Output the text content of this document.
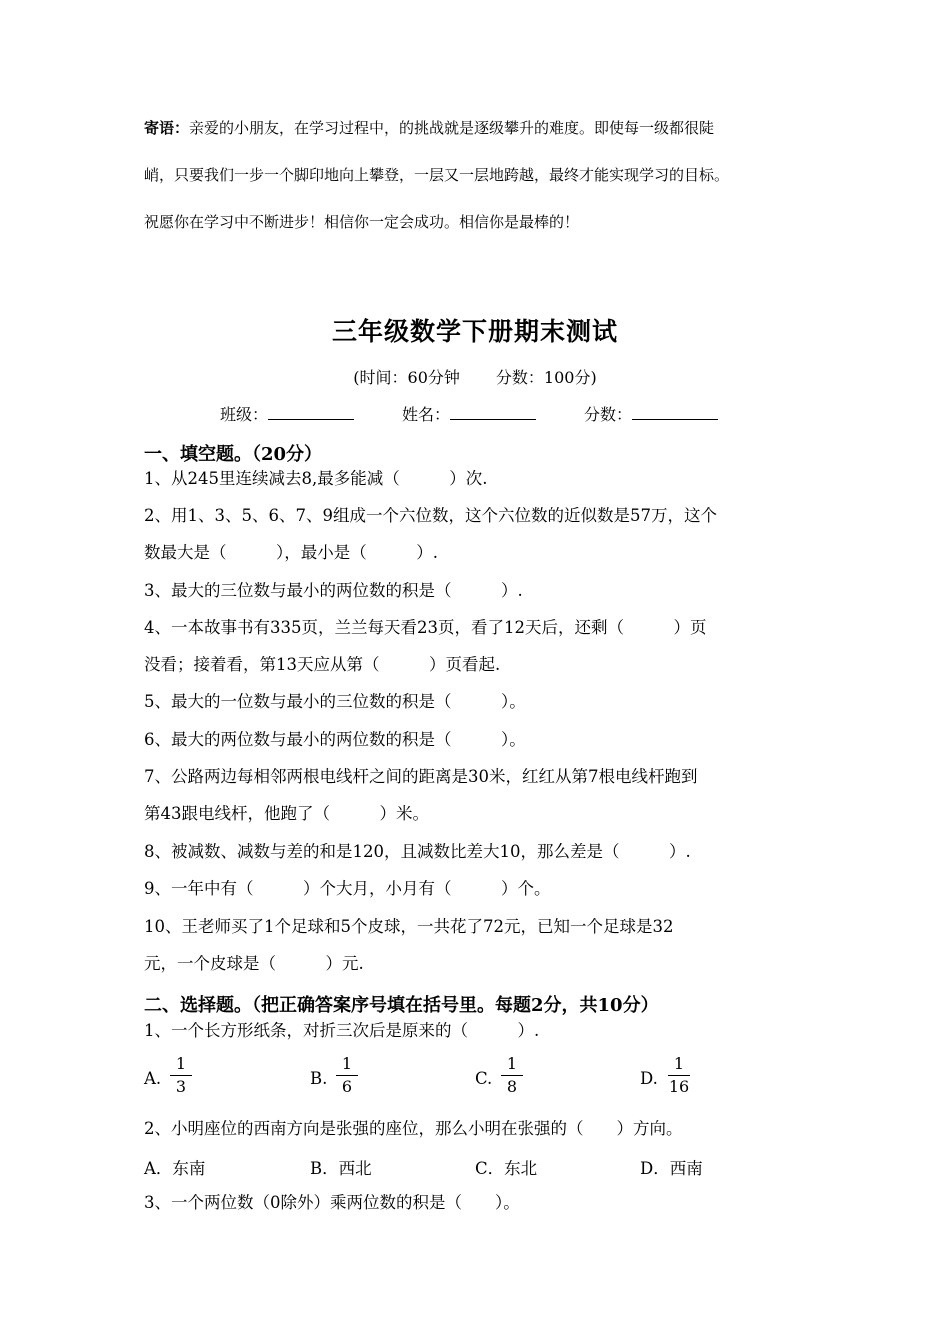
寄语：亲爱的小朋友，在学习过程中，的挑战就是逐级攀升的难度。即使每一级都很陡
峭，只要我们一步一个脚印地向上攀登，一层又一层地跨越，最终才能实现学习的目标。
祝愿你在学习中不断进步！相信你一定会成功。相信你是最棒的！
三年级数学下册期末测试
(时间：60分钟 分数：100分)
班级：	姓名：	分数：
一、填空题。（20分）
1、从245里连续减去8,最多能减（　　　）次.
2、用1、3、5、6、7、9组成一个六位数，这个六位数的近似数是57万，这个
数最大是（　　　），最小是（　　　）.
3、最大的三位数与最小的两位数的积是（　　　）.
4、一本故事书有335页，兰兰每天看23页，看了12天后，还剩（　　　）页
没看；接着看，第13天应从第（　　　）页看起.
5、最大的一位数与最小的三位数的积是（　　　）。
6、最大的两位数与最小的两位数的积是（　　　）。
7、公路两边每相邻两根电线杆之间的距离是30米，红红从第7根电线杆跑到
第43跟电线杆，他跑了（　　　）米。
8、被减数、减数与差的和是120，且减数比差大10，那么差是（　　　）.
9、一年中有（　　　）个大月，小月有（　　　）个。
10、王老师买了1个足球和5个皮球，一共花了72元，已知一个足球是32
元，一个皮球是（　　　）元.
二、选择题。（把正确答案序号填在括号里。每题2分，共10分）
1、一个长方形纸条，对折三次后是原来的（　　　）.
A.
1
3	B.
1
6	C.
1
8	D.
1
16
2、小明座位的西南方向是张强的座位，那么小明在张强的（　　）方向。
A．东南	B．西北	C．东北	D．西南
3、一个两位数（0除外）乘两位数的积是（　　）。
